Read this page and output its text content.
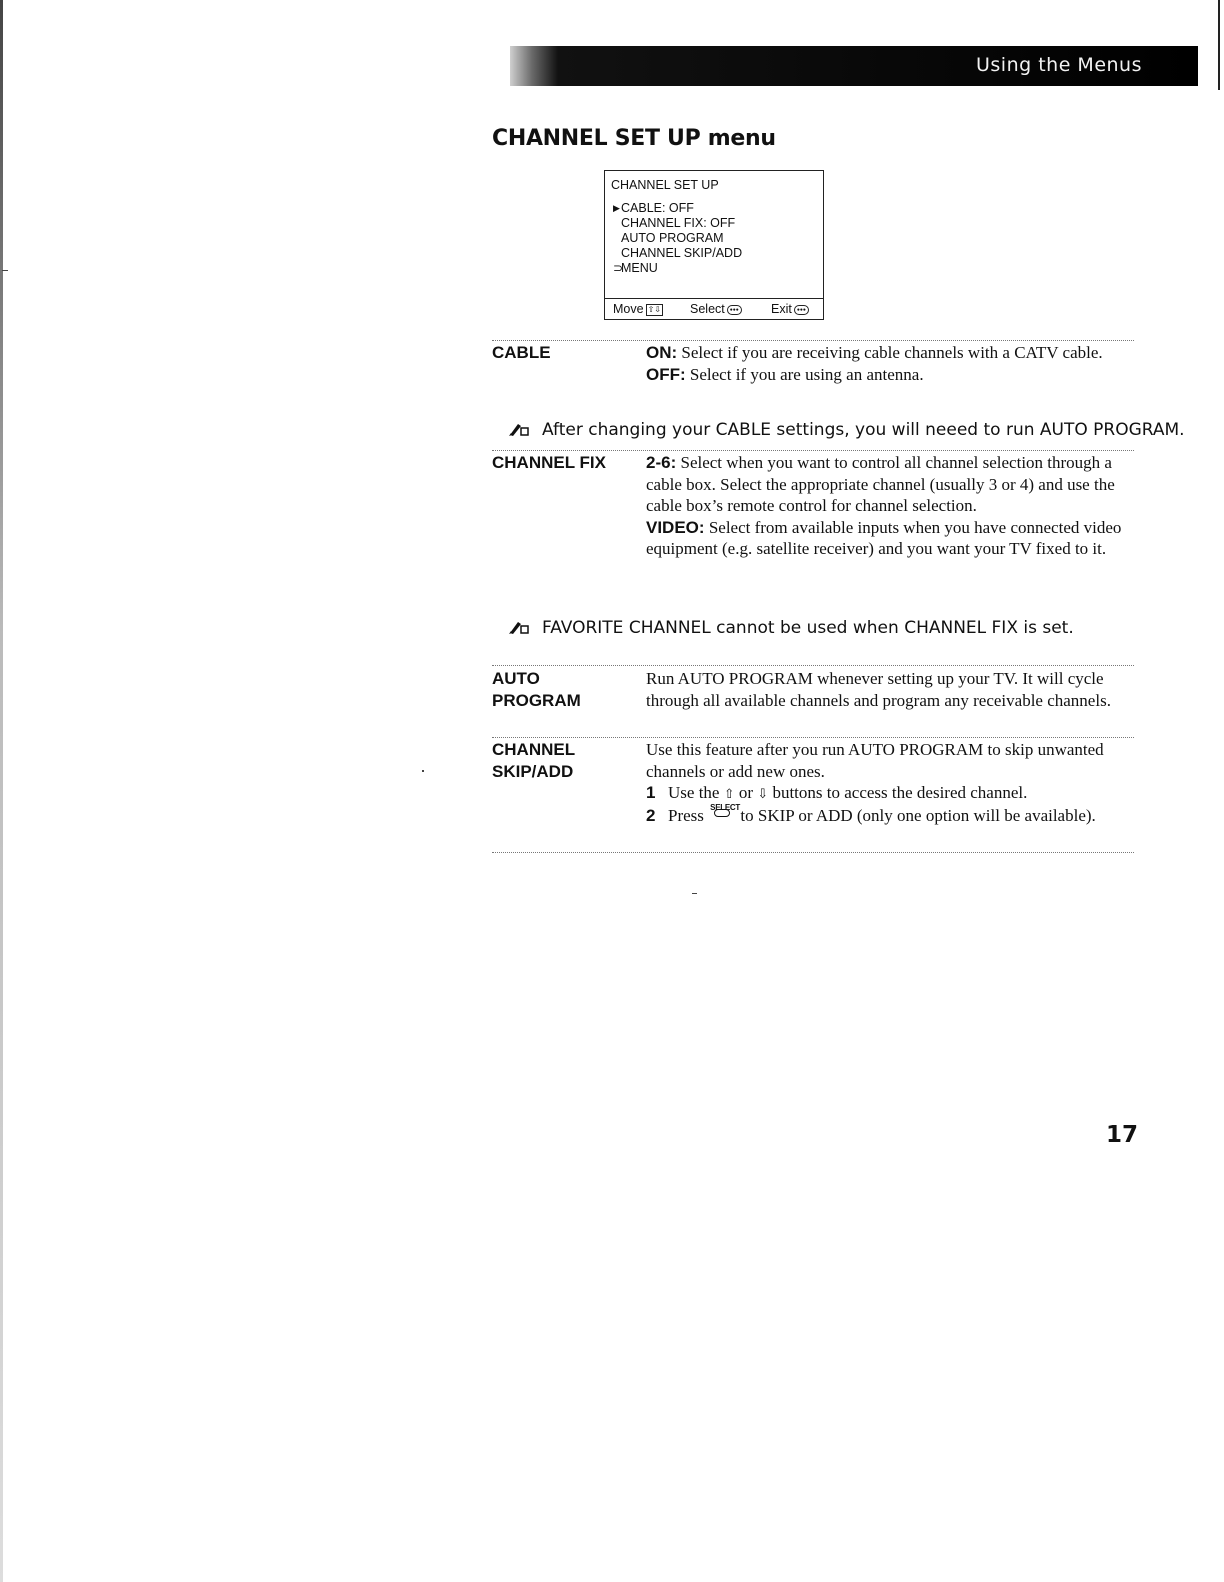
Using the Menus
CHANNEL SET UP menu
CHANNEL SET UP
▶ CABLE: OFF
CHANNEL FIX: OFF
AUTO PROGRAM
CHANNEL SKIP/ADD
⊃
MENU
Move ⇧⇩ Select ●●●	Exit ●●●
CABLE	ON: Select if you are receiving cable channels with a CATV cable.

OFF: Select if you are using an antenna.

After changing your CABLE settings, you will neeed to run AUTO PROGRAM.
CHANNEL FIX 2-6: Select when you want to control all channel selection through a cable box. Select the appropriate channel (usually 3 or 4) and use the cable box’s remote control for channel selection.

VIDEO: Select from available inputs when you have connected video equipment (e.g. satellite receiver) and you want your TV fixed to it.

FAVORITE CHANNEL cannot be used when CHANNEL FIX is set.
AUTO
PROGRAM

Run AUTO PROGRAM whenever setting up your TV. It will cycle through all available channels and program any receivable channels.

CHANNEL
SKIP/ADD

Use this feature after you run AUTO PROGRAM to skip unwanted channels or add new ones.

1 Use the ⇧ or ⇩ buttons to access the desired channel.
2 Press SELECT to SKIP or ADD (only one option will be available).
17
